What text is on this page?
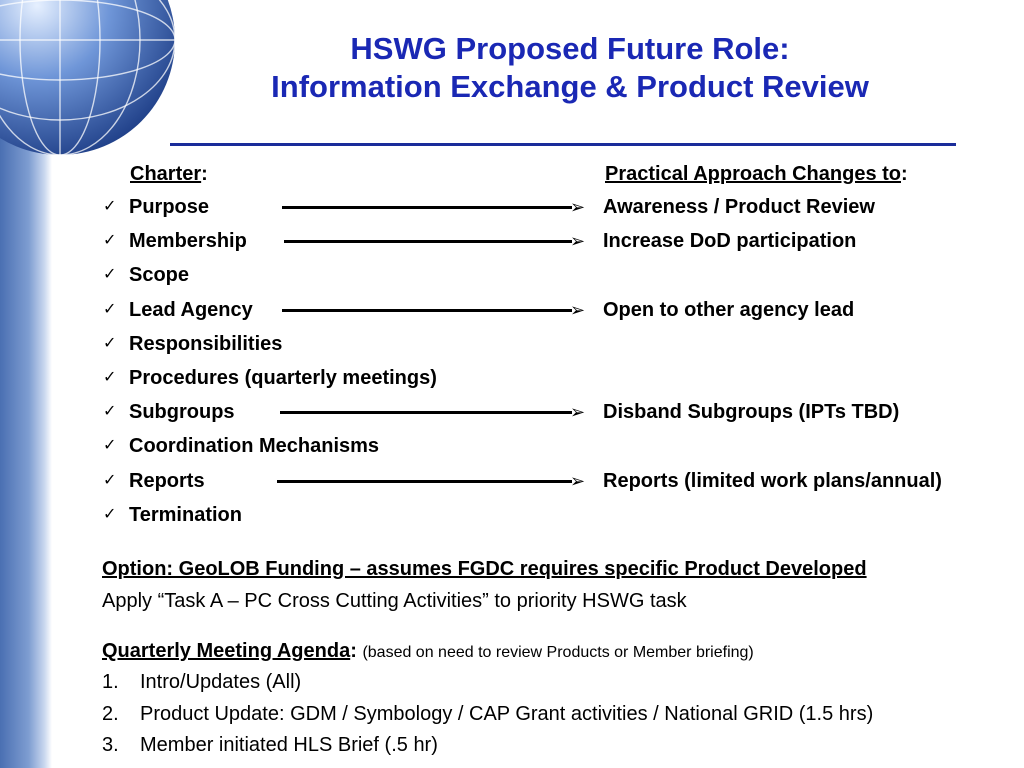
HSWG Proposed Future Role:
Information Exchange & Product Review
Charter:	Practical Approach Changes to:
✓ Purpose	➢ Awareness / Product Review
✓ Membership	➢ Increase DoD participation
✓ Scope
✓ Lead Agency	➢ Open to other agency lead
✓ Responsibilities
✓ Procedures (quarterly meetings)
✓ Subgroups	➢ Disband Subgroups (IPTs TBD)
✓ Coordination Mechanisms
✓ Reports	➢ Reports (limited work plans/annual)
✓ Termination
Option: GeoLOB Funding – assumes FGDC requires specific Product Developed
Apply “Task A – PC Cross Cutting Activities” to priority HSWG task
Quarterly Meeting Agenda: (based on need to review Products or Member briefing)
1. Intro/Updates (All)
2. Product Update: GDM / Symbology / CAP Grant activities / National GRID (1.5 hrs)
3. Member initiated HLS Brief (.5 hr)
